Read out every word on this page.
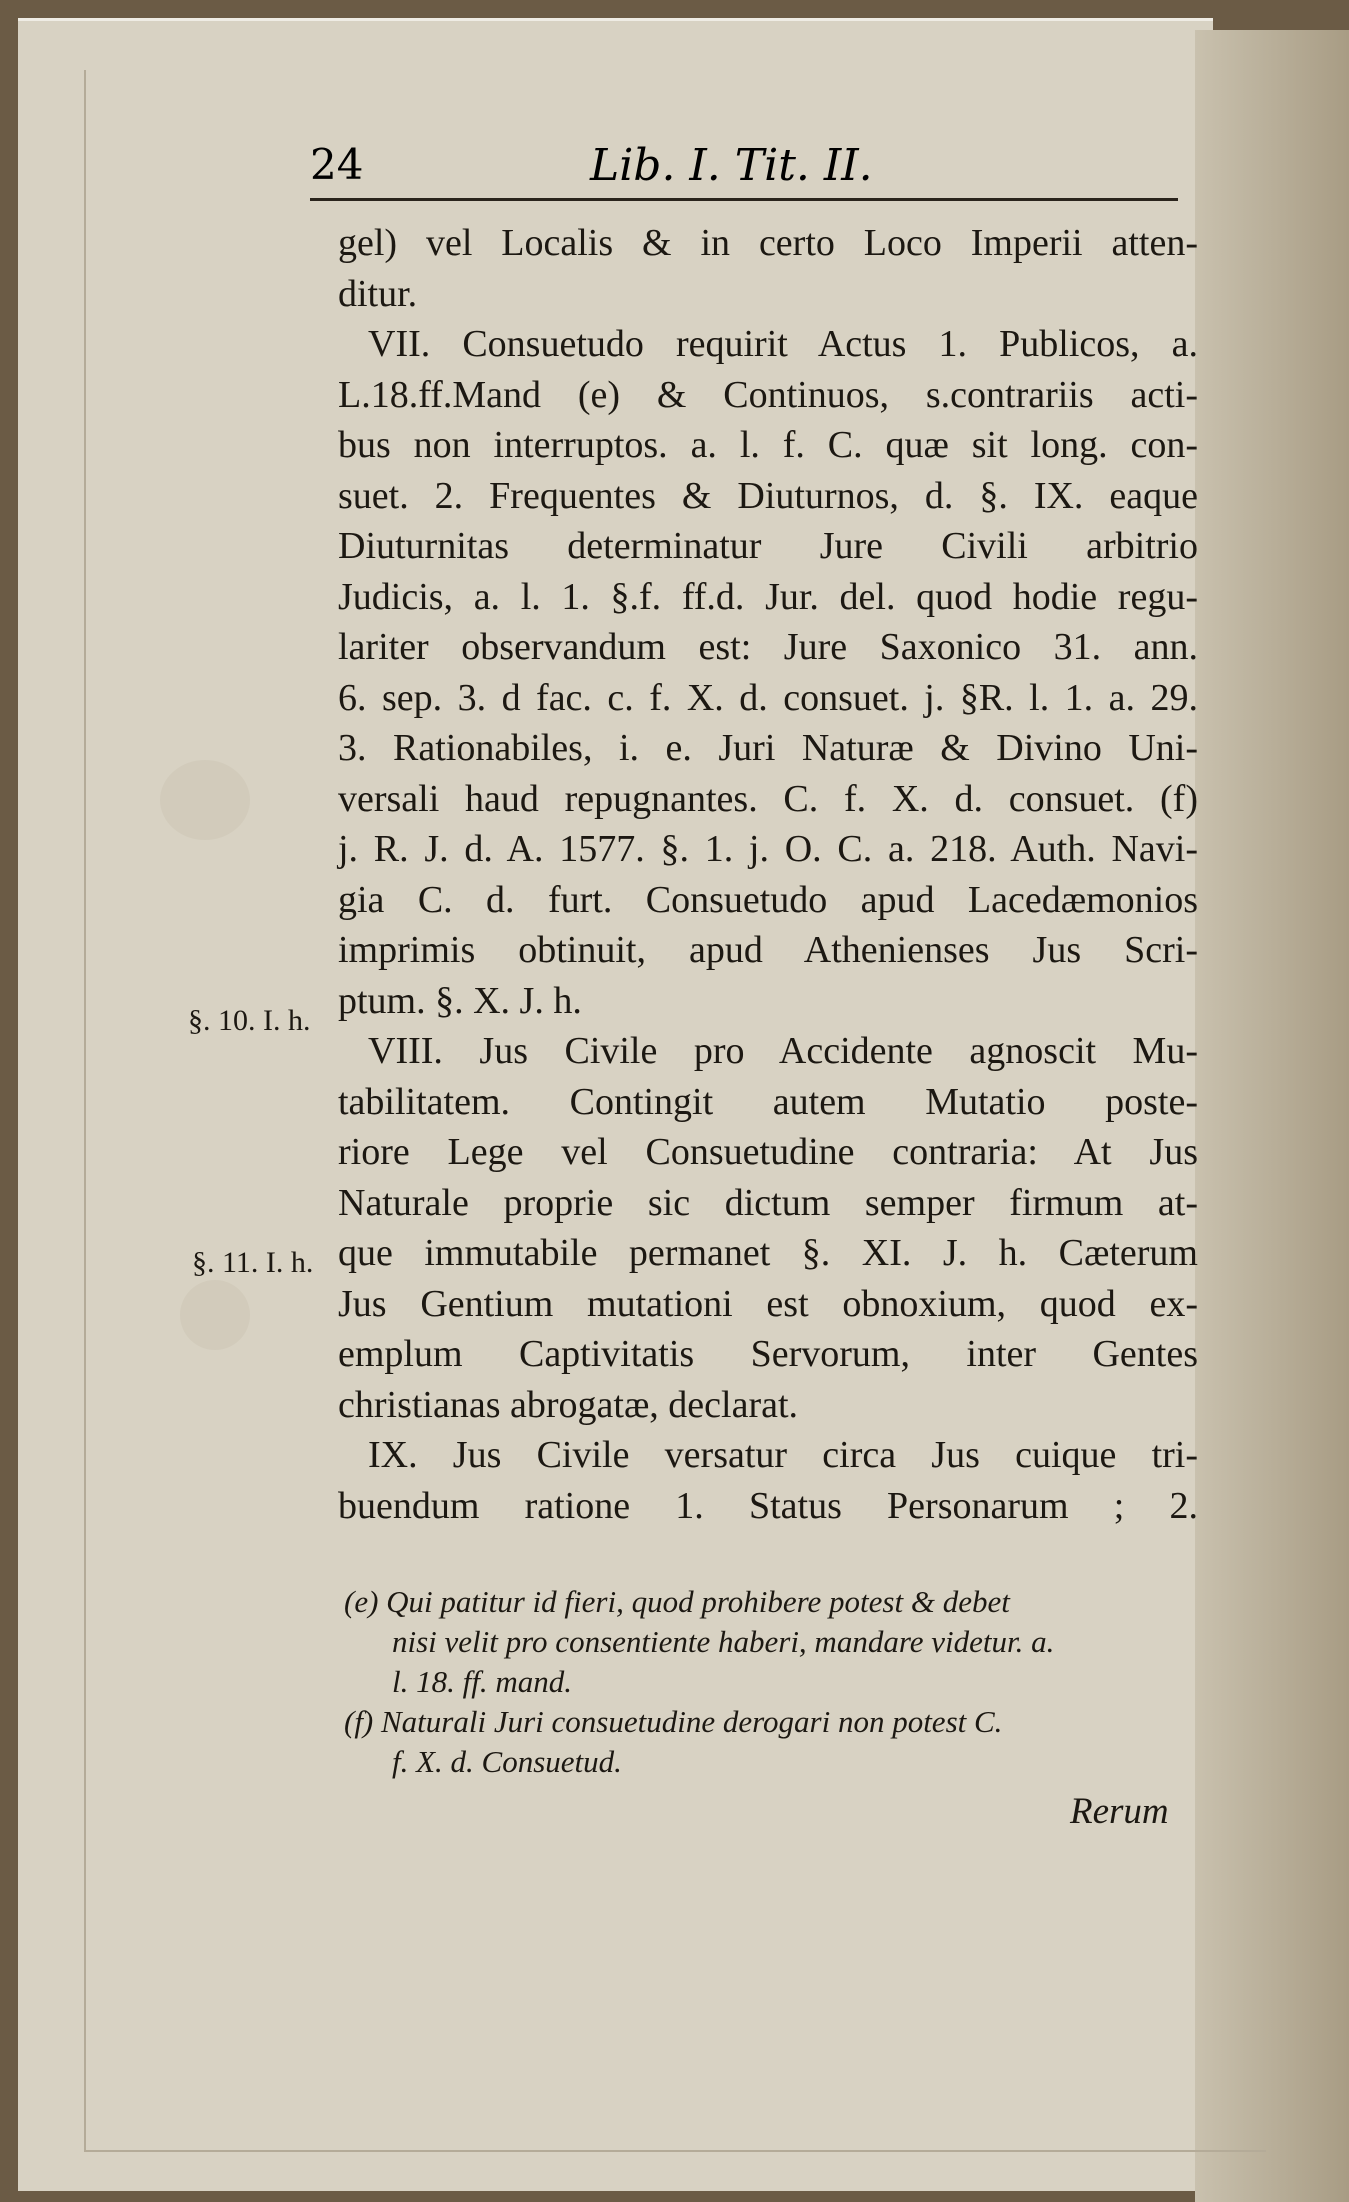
24	Lib. I. Tit. II.
gel) vel Localis & in certo Loco Imperii atten-
ditur.
VII. Consuetudo requirit Actus 1. Publicos, a.
L.18.ff.Mand (e) & Continuos, s.contrariis acti-
bus non interruptos. a. l. f. C. quæ sit long. con-
suet. 2. Frequentes & Diuturnos, d. §. IX. eaque
Diuturnitas determinatur Jure Civili arbitrio
Judicis, a. l. 1. §.f. ff.d. Jur. del. quod hodie regu-
lariter observandum est: Jure Saxonico 31. ann.
6. sep. 3. d fac. c. f. X. d. consuet. j. §R. l. 1. a. 29.
3. Rationabiles, i. e. Juri Naturæ & Divino Uni-
versali haud repugnantes. C. f. X. d. consuet. (f)
j. R. J. d. A. 1577. §. 1. j. O. C. a. 218. Auth. Navi-
gia C. d. furt. Consuetudo apud Lacedæmonios
imprimis obtinuit, apud Athenienses Jus Scri-
ptum. §. X. J. h.
VIII. Jus Civile pro Accidente agnoscit Mu-
tabilitatem. Contingit autem Mutatio poste-
riore Lege vel Consuetudine contraria: At Jus
Naturale proprie sic dictum semper firmum at-
que immutabile permanet §. XI. J. h. Cæterum
Jus Gentium mutationi est obnoxium, quod ex-
emplum Captivitatis Servorum, inter Gentes
christianas abrogatæ, declarat.
IX. Jus Civile versatur circa Jus cuique tri-
buendum ratione 1. Status Personarum ; 2.
§. 10. I. h.
§. 11. I. h.
(e) Qui patitur id fieri, quod prohibere potest & debet
nisi velit pro consentiente haberi, mandare videtur. a.
l. 18. ff. mand.
(f) Naturali Juri consuetudine derogari non potest C.
f. X. d. Consuetud.
Rerum
